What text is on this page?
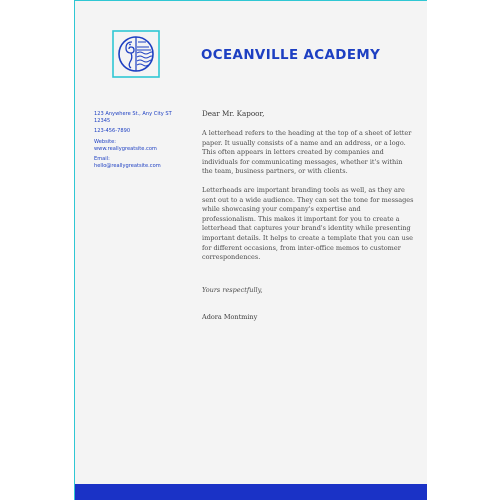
OCEANVILLE ACADEMY
123 Anywhere St., Any City ST
12345
123-456-7890
Website:
www.reallygreatsite.com
Email:
hello@reallygreatsite.com

Dear Mr. Kapoor,

A letterhead refers to the heading at the top of a sheet of letter paper. It usually consists of a name and an address, or a logo. This often appears in letters created by companies and individuals for communicating messages, whether it's within the team, business partners, or with clients.

Letterheads are important branding tools as well, as they are sent out to a wide audience. They can set the tone for messages while showcasing your company's expertise and professionalism. This makes it important for you to create a letterhead that captures your brand's identity while presenting important details. It helps to create a template that you can use for different occasions, from inter-office memos to customer correspondences.

Yours respectfully,

Adora Montminy
